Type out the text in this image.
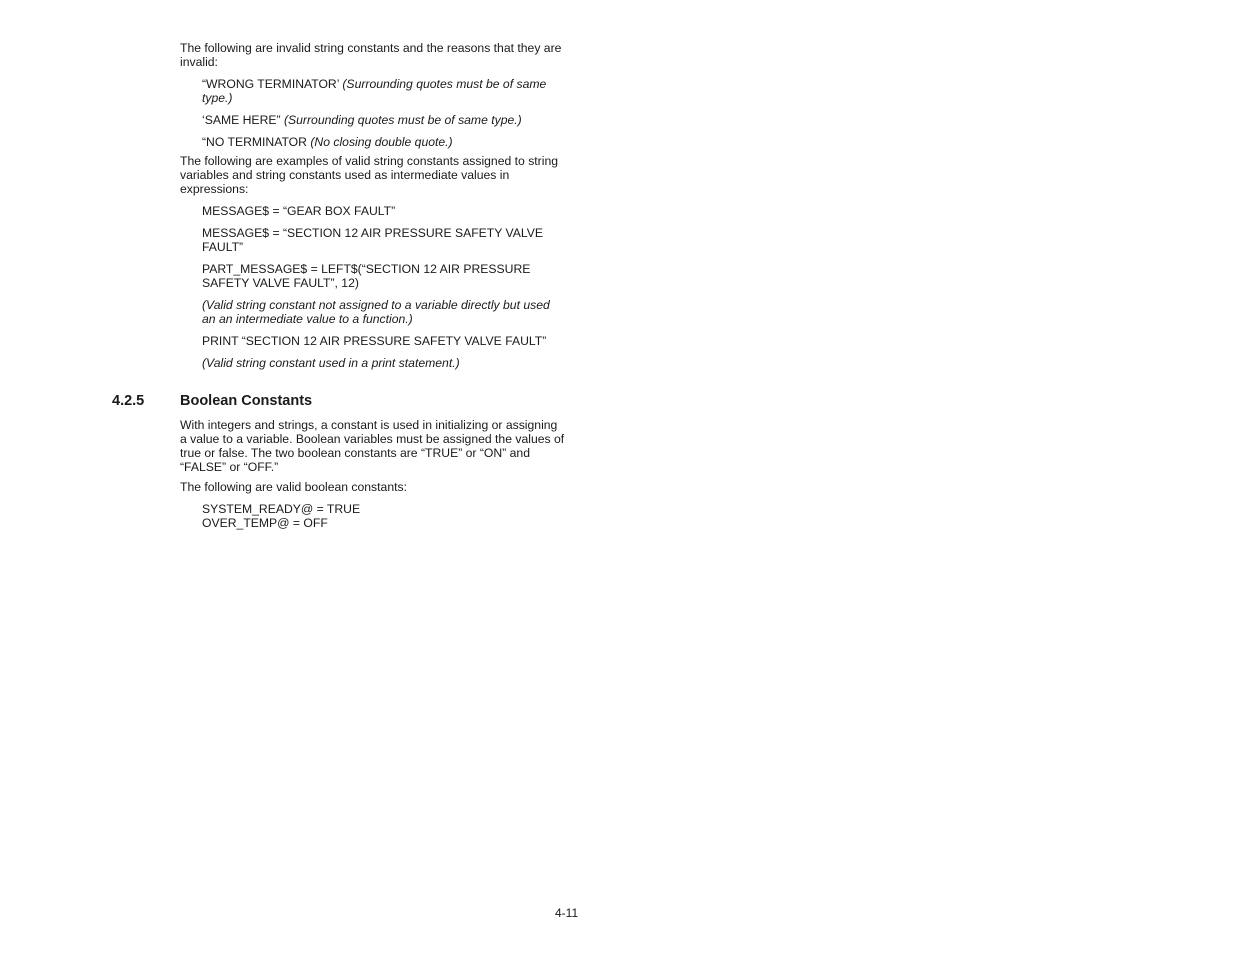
The following are invalid string constants and the reasons that they are invalid:

“WRONG TERMINATOR’ (Surrounding quotes must be of same type.)

‘SAME HERE” (Surrounding quotes must be of same type.)

“NO TERMINATOR (No closing double quote.)

The following are examples of valid string constants assigned to string variables and string constants used as intermediate values in expressions:

MESSAGE$ = “GEAR BOX FAULT”

MESSAGE$ = “SECTION 12 AIR PRESSURE SAFETY VALVE FAULT”

PART_MESSAGE$ = LEFT$(“SECTION 12 AIR PRESSURE SAFETY VALVE FAULT”, 12)

(Valid string constant not assigned to a variable directly but used an an intermediate value to a function.)

PRINT “SECTION 12 AIR PRESSURE SAFETY VALVE FAULT”

(Valid string constant used in a print statement.)

4.2.5 Boolean Constants

With integers and strings, a constant is used in initializing or assigning a value to a variable. Boolean variables must be assigned the values of true or false. The two boolean constants are “TRUE” or “ON” and “FALSE” or “OFF.”

The following are valid boolean constants:

SYSTEM_READY@ = TRUE

OVER_TEMP@ = OFF

4-11
